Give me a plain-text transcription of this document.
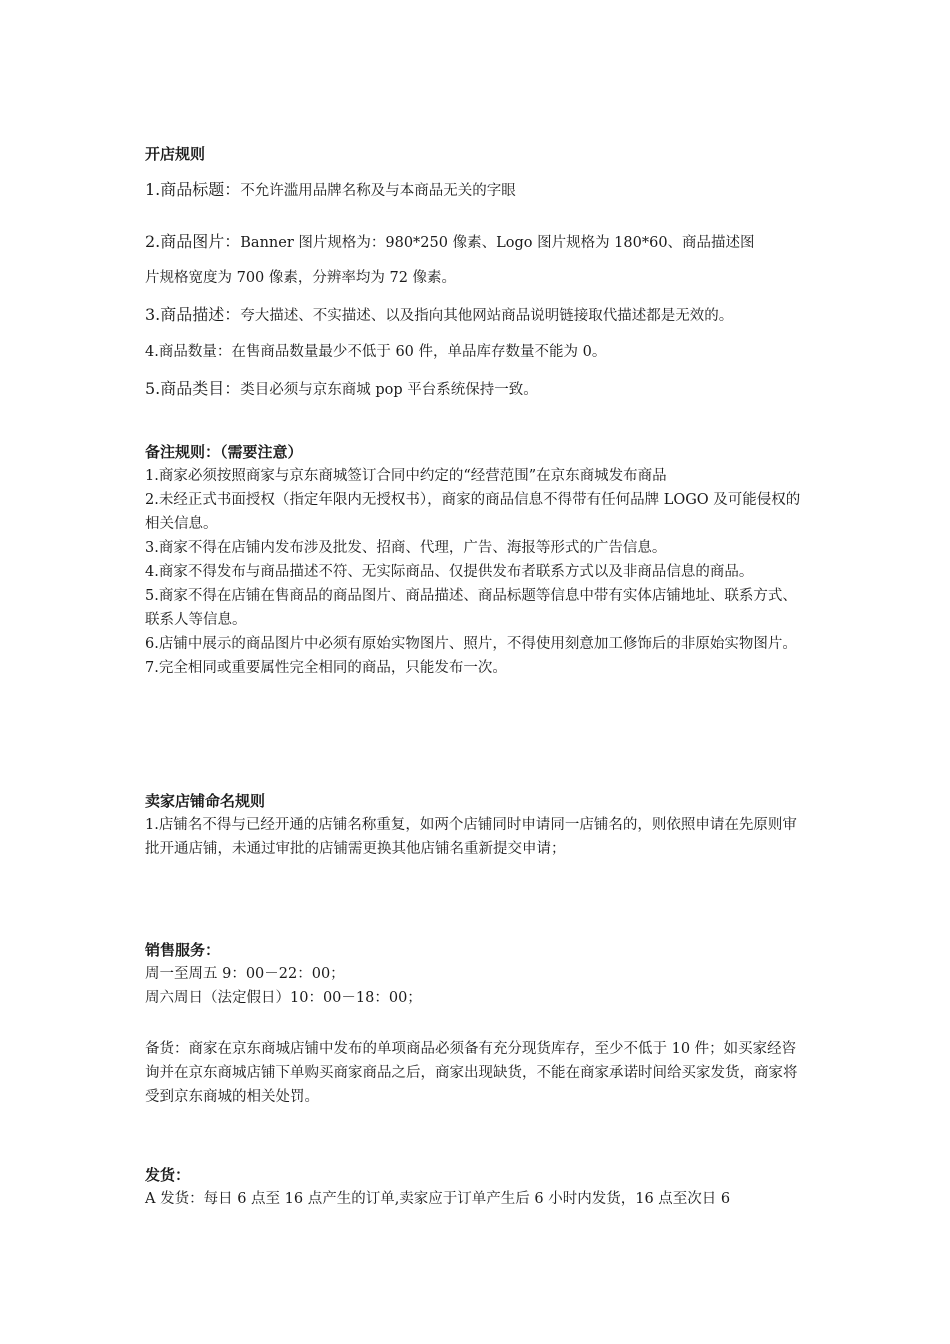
开店规则
1.商品标题：不允许滥用品牌名称及与本商品无关的字眼
2.商品图片：Banner 图片规格为：980*250 像素、Logo 图片规格为 180*60、商品描述图
片规格宽度为 700 像素，分辨率均为 72 像素。
3.商品描述：夸大描述、不实描述、以及指向其他网站商品说明链接取代描述都是无效的。
4.商品数量：在售商品数量最少不低于 60 件，单品库存数量不能为 0。
5.商品类目：类目必须与京东商城 pop 平台系统保持一致。
备注规则：（需要注意）
1.商家必须按照商家与京东商城签订合同中约定的“经营范围”在京东商城发布商品
2.未经正式书面授权（指定年限内无授权书），商家的商品信息不得带有任何品牌 LOGO 及可能侵权的相关信息。
3.商家不得在店铺内发布涉及批发、招商、代理，广告、海报等形式的广告信息。
4.商家不得发布与商品描述不符、无实际商品、仅提供发布者联系方式以及非商品信息的商品。
5.商家不得在店铺在售商品的商品图片、商品描述、商品标题等信息中带有实体店铺地址、联系方式、联系人等信息。
6.店铺中展示的商品图片中必须有原始实物图片、照片，不得使用刻意加工修饰后的非原始实物图片。
7.完全相同或重要属性完全相同的商品，只能发布一次。
卖家店铺命名规则
1.店铺名不得与已经开通的店铺名称重复，如两个店铺同时申请同一店铺名的，则依照申请在先原则审批开通店铺，未通过审批的店铺需更换其他店铺名重新提交申请；
销售服务：
周一至周五 9：00－22：00；
周六周日（法定假日）10：00－18：00；
备货：商家在京东商城店铺中发布的单项商品必须备有充分现货库存，至少不低于 10 件；如买家经咨询并在京东商城店铺下单购买商家商品之后，商家出现缺货，不能在商家承诺时间给买家发货，商家将受到京东商城的相关处罚。
发货：
A 发货：每日 6 点至 16 点产生的订单,卖家应于订单产生后 6 小时内发货，16 点至次日 6
